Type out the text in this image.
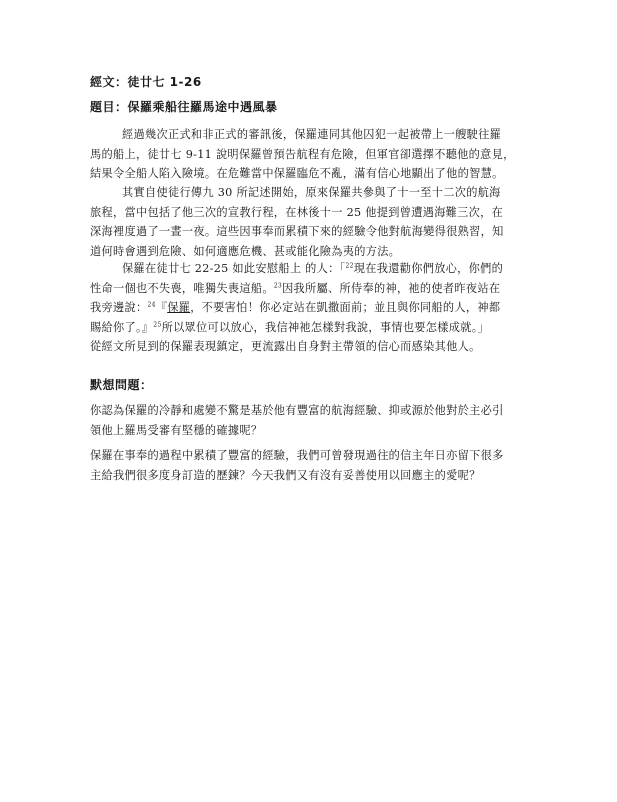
經文：徒廿七 1-26
題目：保羅乘船往羅馬途中遇風暴
經過幾次正式和非正式的審訊後，保羅連同其他囚犯一起被帶上一艘駛往羅
馬的船上，徒廿七 9-11 說明保羅曾預告航程有危險，但軍官卻選擇不聽他的意見，
結果令全船人陷入險境。在危難當中保羅臨危不亂，滿有信心地顯出了他的智慧。
其實自使徒行傳九 30 所記述開始，原來保羅共參與了十一至十二次的航海
旅程，當中包括了他三次的宣教行程，在林後十一 25 他提到曾遭遇海難三次，在
深海裡度過了一晝一夜。這些因事奉而累積下來的經驗令他對航海變得很熟習，知
道何時會遇到危險、如何適應危機、甚或能化險為夷的方法。
保羅在徒廿七 22-25 如此安慰船上 的人：「$^{22}$現在我還勸你們放心，你們的
性命一個也不失喪，唯獨失喪這船。$^{23}$因我所屬、所侍奉的神，祂的使者昨夜站在
我旁邊說：$^{24}$『保羅，不要害怕！你必定站在凱撒面前；並且與你同船的人，神都
賜給你了。』$^{25}$所以眾位可以放心，我信神祂怎樣對我說，事情也要怎樣成就。」
從經文所見到的保羅表現鎮定，更流露出自身對主帶領的信心而感染其他人。
默想問題：
你認為保羅的冷靜和處變不驚是基於他有豐富的航海經驗、抑或源於他對於主必引
領他上羅馬受審有堅穩的確據呢？
保羅在事奉的過程中累積了豐富的經驗，我們可曾發現過往的信主年日亦留下很多
主給我們很多度身訂造的歷鍊？今天我們又有沒有妥善使用以回應主的愛呢？
